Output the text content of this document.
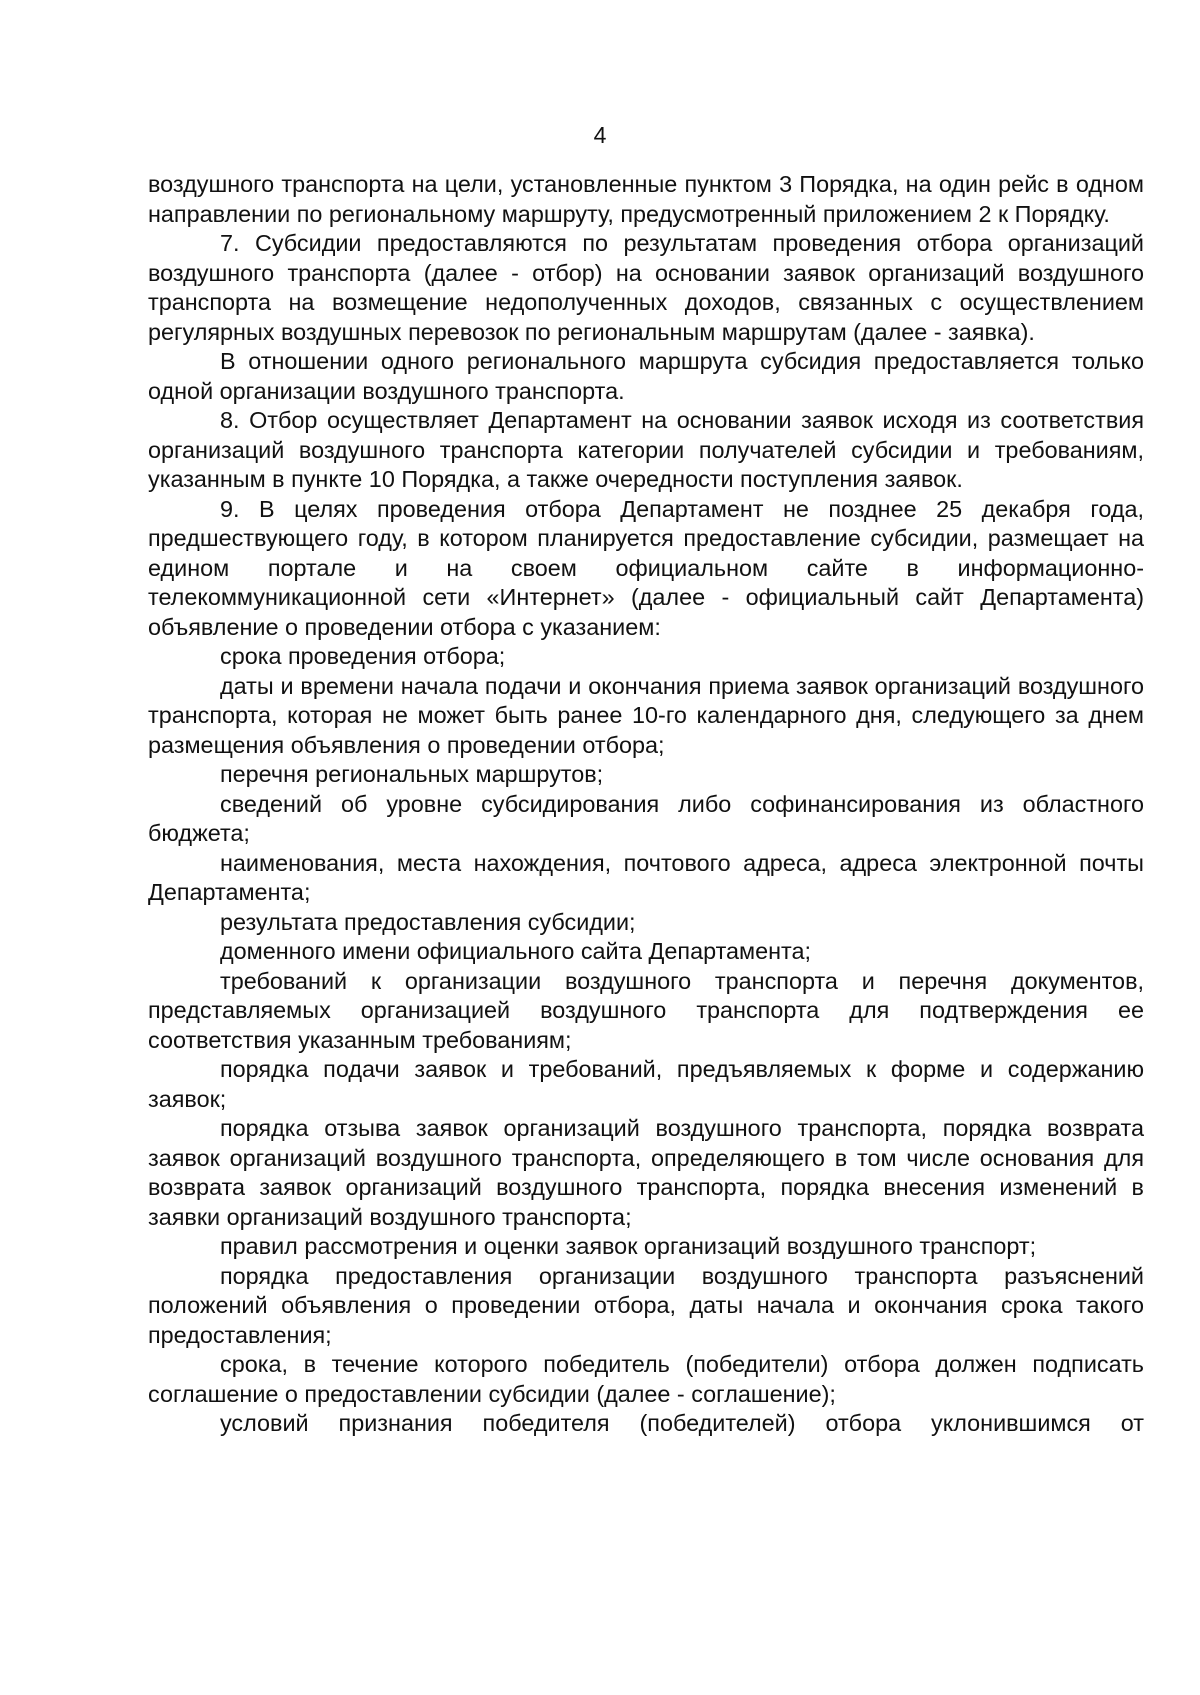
4

воздушного транспорта на цели, установленные пунктом 3 Порядка, на один рейс в одном направлении по региональному маршруту, предусмотренный приложением 2 к Порядку.

7. Субсидии предоставляются по результатам проведения отбора организаций воздушного транспорта (далее - отбор) на основании заявок организаций воздушного транспорта на возмещение недополученных доходов, связанных с осуществлением регулярных воздушных перевозок по региональным маршрутам (далее - заявка).

В отношении одного регионального маршрута субсидия предоставляется только одной организации воздушного транспорта.

8. Отбор осуществляет Департамент на основании заявок исходя из соответствия организаций воздушного транспорта категории получателей субсидии и требованиям, указанным в пункте 10 Порядка, а также очередности поступления заявок.

9. В целях проведения отбора Департамент не позднее 25 декабря года, предшествующего году, в котором планируется предоставление субсидии, размещает на едином портале и на своем официальном сайте в информационно-телекоммуникационной сети «Интернет» (далее - официальный сайт Департамента) объявление о проведении отбора с указанием:

срока проведения отбора;

даты и времени начала подачи и окончания приема заявок организаций воздушного транспорта, которая не может быть ранее 10-го календарного дня, следующего за днем размещения объявления о проведении отбора;

перечня региональных маршрутов;

сведений об уровне субсидирования либо софинансирования из областного бюджета;

наименования, места нахождения, почтового адреса, адреса электронной почты Департамента;

результата предоставления субсидии;

доменного имени официального сайта Департамента;

требований к организации воздушного транспорта и перечня документов, представляемых организацией воздушного транспорта для подтверждения ее соответствия указанным требованиям;

порядка подачи заявок и требований, предъявляемых к форме и содержанию заявок;

порядка отзыва заявок организаций воздушного транспорта, порядка возврата заявок организаций воздушного транспорта, определяющего в том числе основания для возврата заявок организаций воздушного транспорта, порядка внесения изменений в заявки организаций воздушного транспорта;

правил рассмотрения и оценки заявок организаций воздушного транспорт;

порядка предоставления организации воздушного транспорта разъяснений положений объявления о проведении отбора, даты начала и окончания срока такого предоставления;

срока, в течение которого победитель (победители) отбора должен подписать соглашение о предоставлении субсидии (далее - соглашение);

условий признания победителя (победителей) отбора уклонившимся от
